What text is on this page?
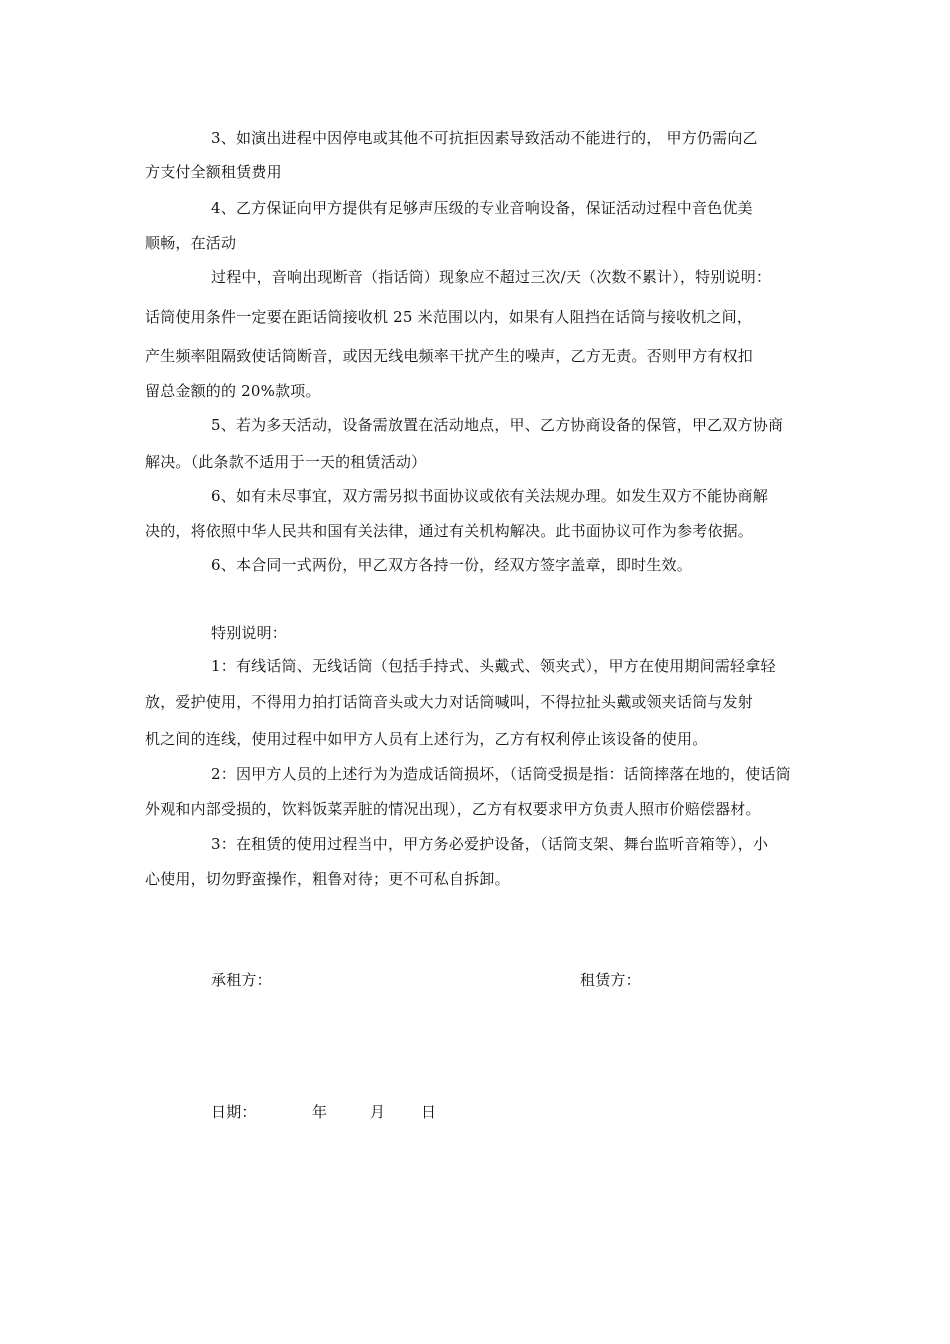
3、如演出进程中因停电或其他不可抗拒因素导致活动不能进行的， 甲方仍需向乙
方支付全额租赁费用
4、乙方保证向甲方提供有足够声压级的专业音响设备，保证活动过程中音色优美
顺畅，在活动
过程中，音响出现断音（指话筒）现象应不超过三次/天（次数不累计），特别说明：
话筒使用条件一定要在距话筒接收机 25 米范围以内，如果有人阻挡在话筒与接收机之间，
产生频率阻隔致使话筒断音，或因无线电频率干扰产生的噪声，乙方无责。否则甲方有权扣
留总金额的的 20%款项。
5、若为多天活动，设备需放置在活动地点，甲、乙方协商设备的保管，甲乙双方协商
解决。（此条款不适用于一天的租赁活动）
6、如有未尽事宜，双方需另拟书面协议或依有关法规办理。如发生双方不能协商解
决的，将依照中华人民共和国有关法律，通过有关机构解决。此书面协议可作为参考依据。
6、本合同一式两份，甲乙双方各持一份，经双方签字盖章，即时生效。
特别说明：
1：有线话筒、无线话筒（包括手持式、头戴式、领夹式），甲方在使用期间需轻拿轻
放，爱护使用，不得用力拍打话筒音头或大力对话筒喊叫，不得拉扯头戴或领夹话筒与发射
机之间的连线，使用过程中如甲方人员有上述行为，乙方有权利停止该设备的使用。
2：因甲方人员的上述行为为造成话筒损坏，（话筒受损是指：话筒摔落在地的，使话筒
外观和内部受损的，饮料饭菜弄脏的情况出现），乙方有权要求甲方负责人照市价赔偿器材。
3：在租赁的使用过程当中，甲方务必爱护设备，（话筒支架、舞台监听音箱等），小
心使用，切勿野蛮操作，粗鲁对待；更不可私自拆卸。
承租方：	租赁方：
日期：	年	月 日
